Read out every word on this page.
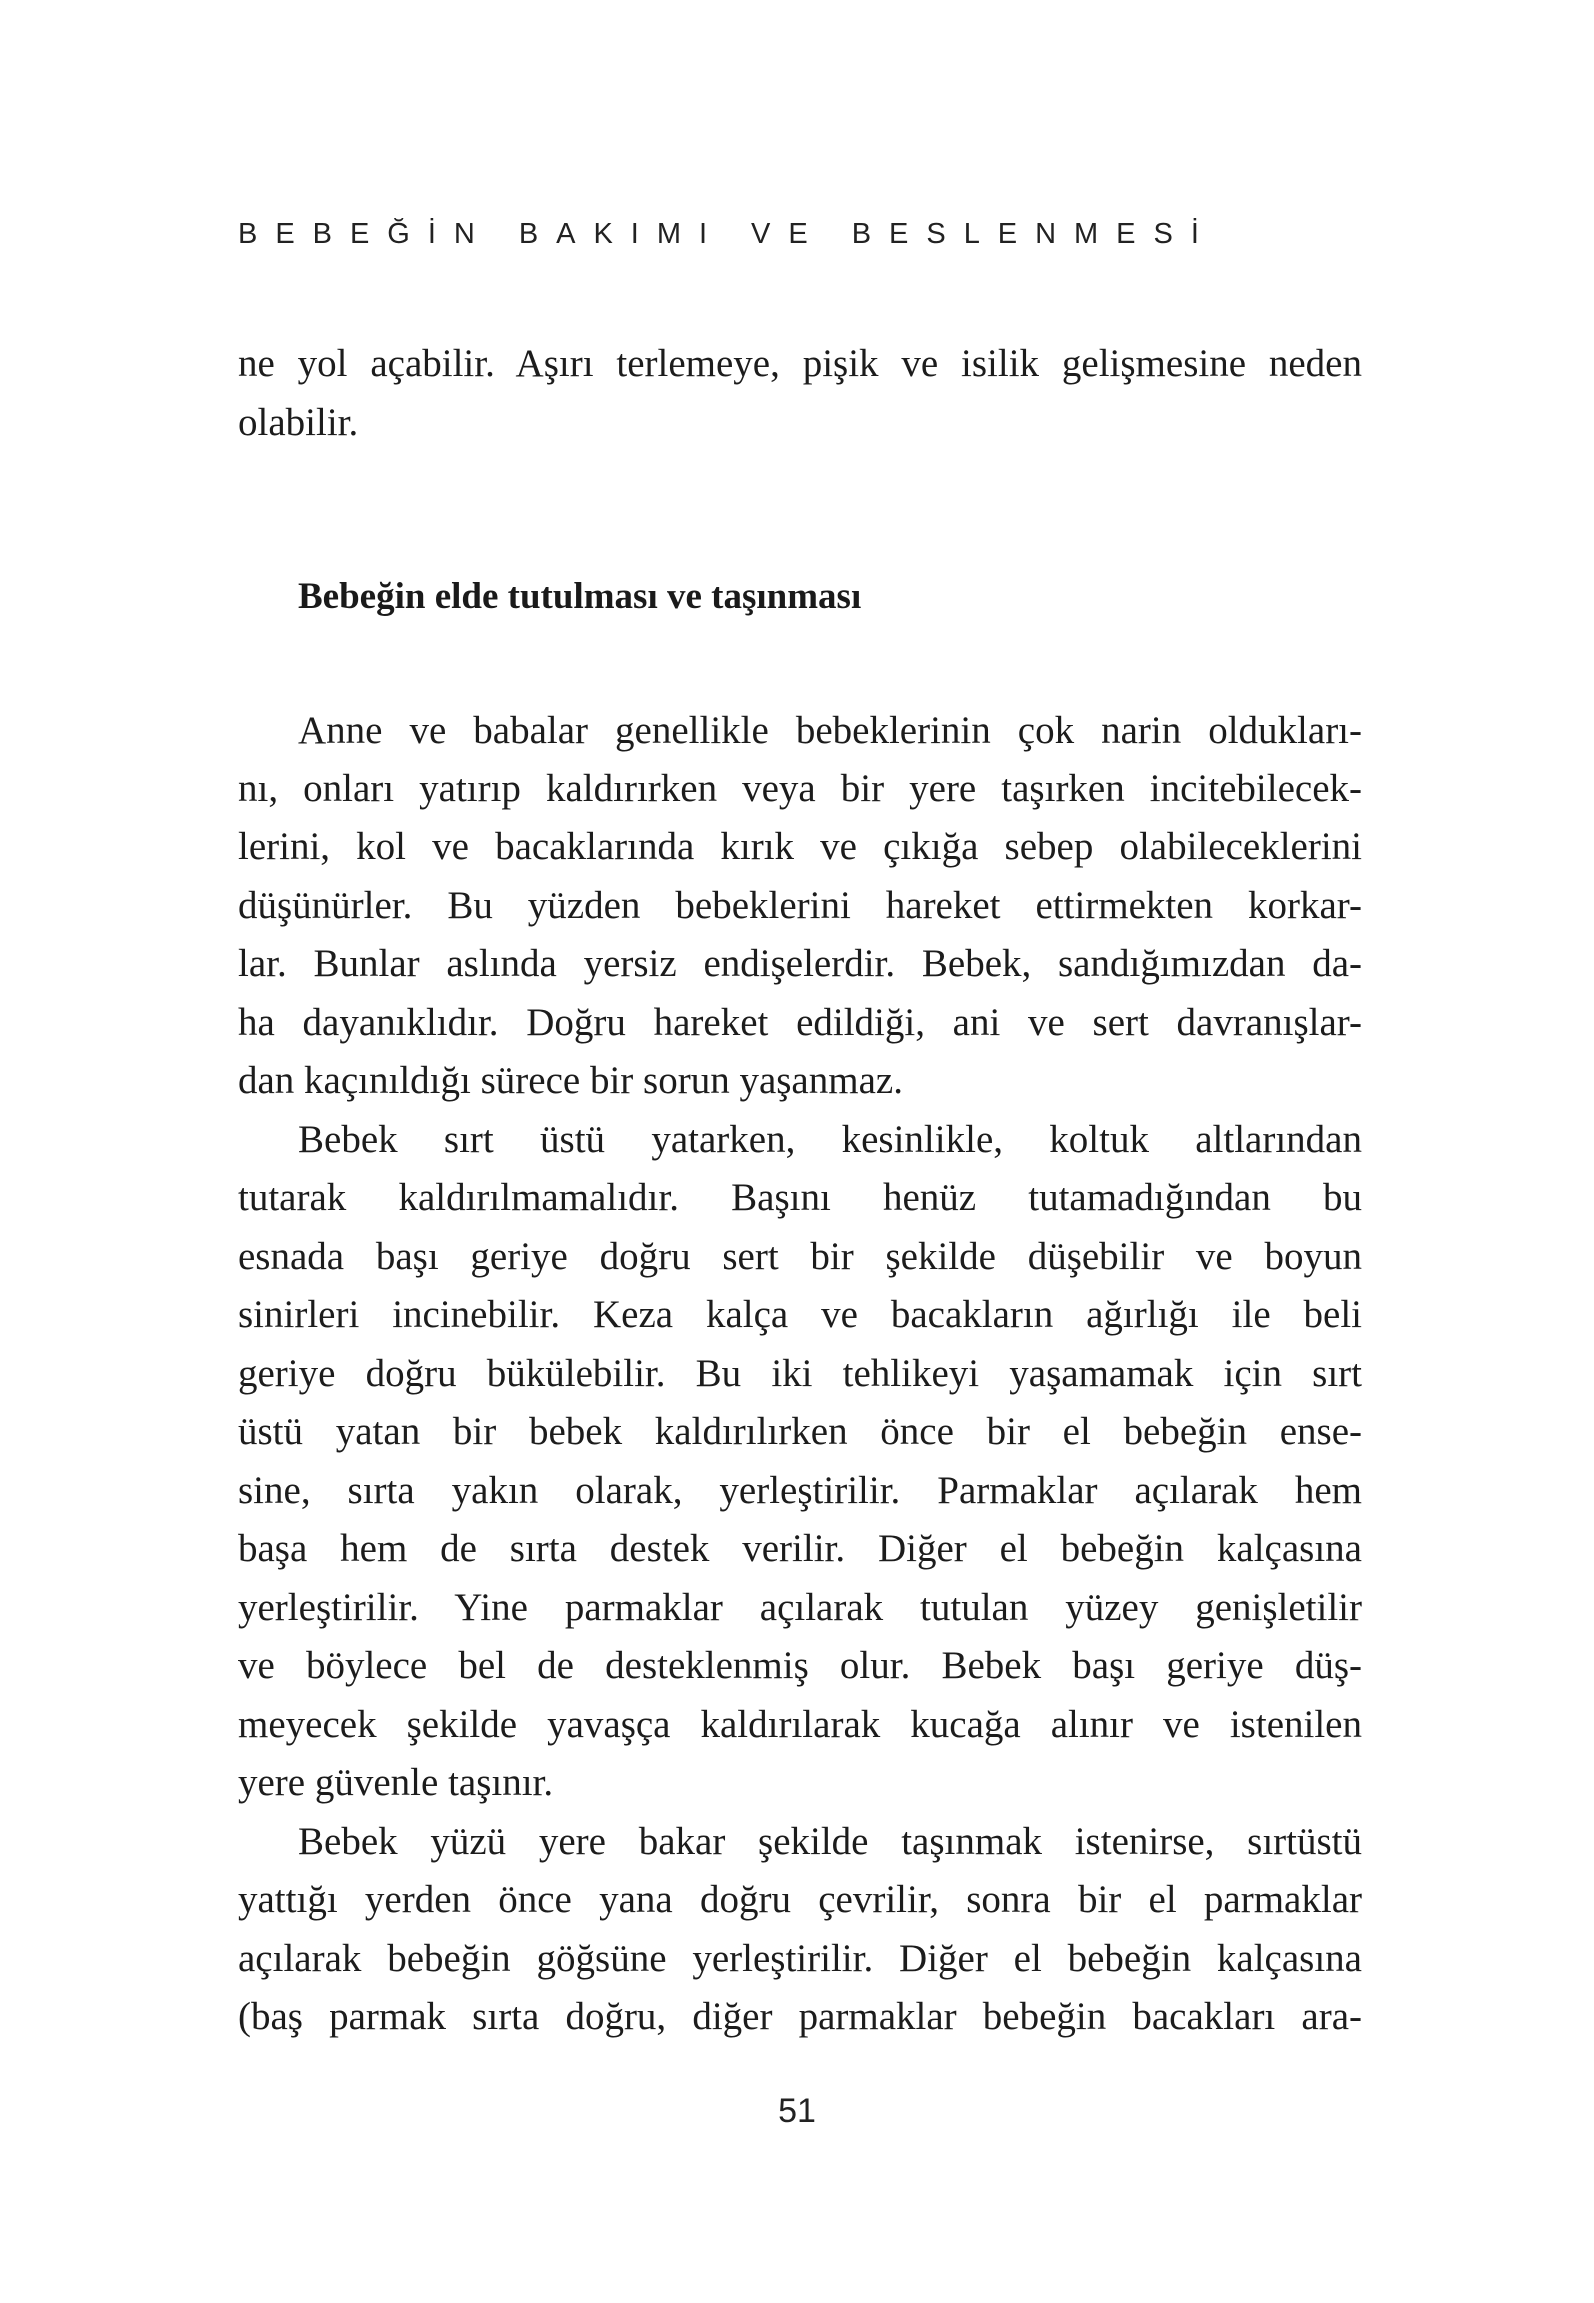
BEBEĞİN BAKIMI VE BESLENMESİ
ne yol açabilir. Aşırı terlemeye, pişik ve isilik gelişmesine neden
olabilir.
Bebeğin elde tutulması ve taşınması
Anne ve babalar genellikle bebeklerinin çok narin oldukları-
nı, onları yatırıp kaldırırken veya bir yere taşırken incitebilecek-
lerini, kol ve bacaklarında kırık ve çıkığa sebep olabileceklerini
düşünürler. Bu yüzden bebeklerini hareket ettirmekten korkar-
lar. Bunlar aslında yersiz endişelerdir. Bebek, sandığımızdan da-
ha dayanıklıdır. Doğru hareket edildiği, ani ve sert davranışlar-
dan kaçınıldığı sürece bir sorun yaşanmaz.
Bebek sırt üstü yatarken, kesinlikle, koltuk altlarından
tutarak kaldırılmamalıdır. Başını henüz tutamadığından bu
esnada başı geriye doğru sert bir şekilde düşebilir ve boyun
sinirleri incinebilir. Keza kalça ve bacakların ağırlığı ile beli
geriye doğru bükülebilir. Bu iki tehlikeyi yaşamamak için sırt
üstü yatan bir bebek kaldırılırken önce bir el bebeğin ense-
sine, sırta yakın olarak, yerleştirilir. Parmaklar açılarak hem
başa hem de sırta destek verilir. Diğer el bebeğin kalçasına
yerleştirilir. Yine parmaklar açılarak tutulan yüzey genişletilir
ve böylece bel de desteklenmiş olur. Bebek başı geriye düş-
meyecek şekilde yavaşça kaldırılarak kucağa alınır ve istenilen
yere güvenle taşınır.
Bebek yüzü yere bakar şekilde taşınmak istenirse, sırtüstü
yattığı yerden önce yana doğru çevrilir, sonra bir el parmaklar
açılarak bebeğin göğsüne yerleştirilir. Diğer el bebeğin kalçasına
(baş parmak sırta doğru, diğer parmaklar bebeğin bacakları ara-
51
